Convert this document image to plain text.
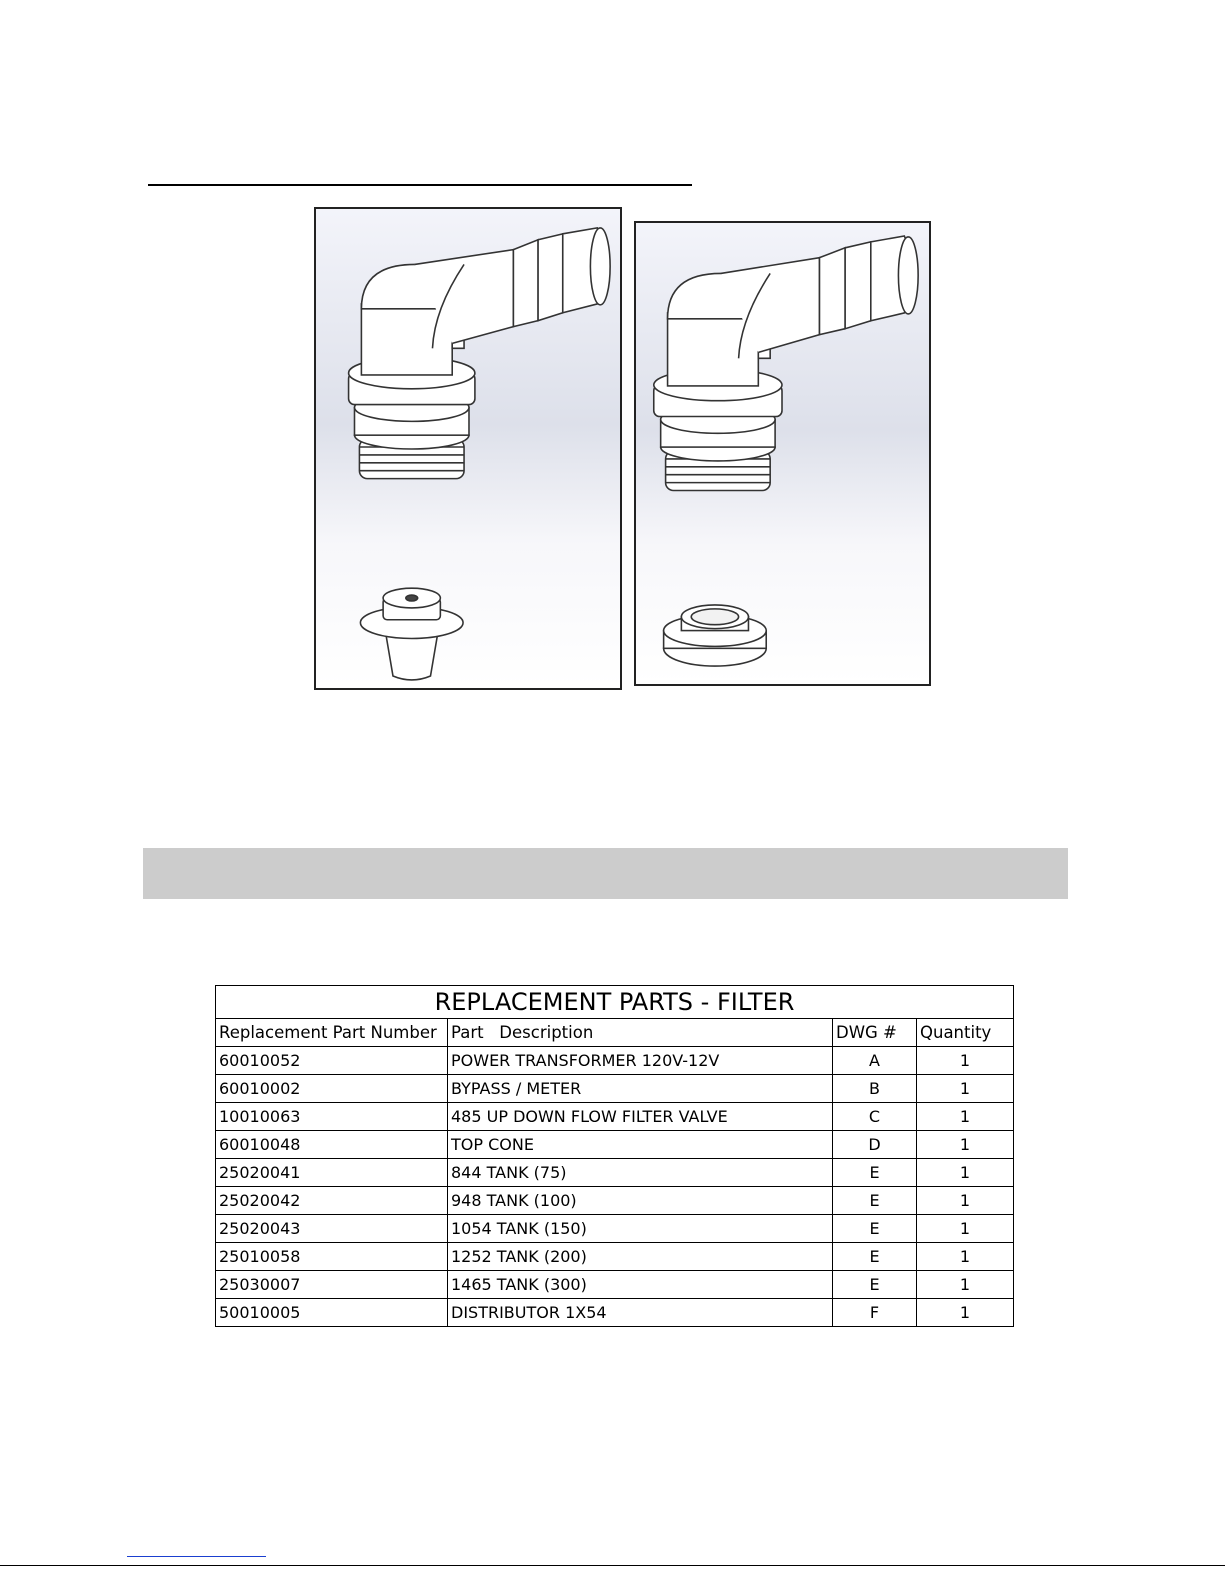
REPLACEMENT PARTS - FILTER			
Replacement Part Number	Part   Description	DWG #	Quantity
60010052	POWER TRANSFORMER 120V-12V	A	1
60010002	BYPASS / METER	B	1
10010063	485 UP DOWN FLOW FILTER VALVE	C	1
60010048	TOP CONE	D	1
25020041	844 TANK (75)	E	1
25020042	948 TANK (100)	E	1
25020043	1054 TANK (150)	E	1
25010058	1252 TANK (200)	E	1
25030007	1465 TANK (300)	E	1
50010005	DISTRIBUTOR 1X54	F	1
